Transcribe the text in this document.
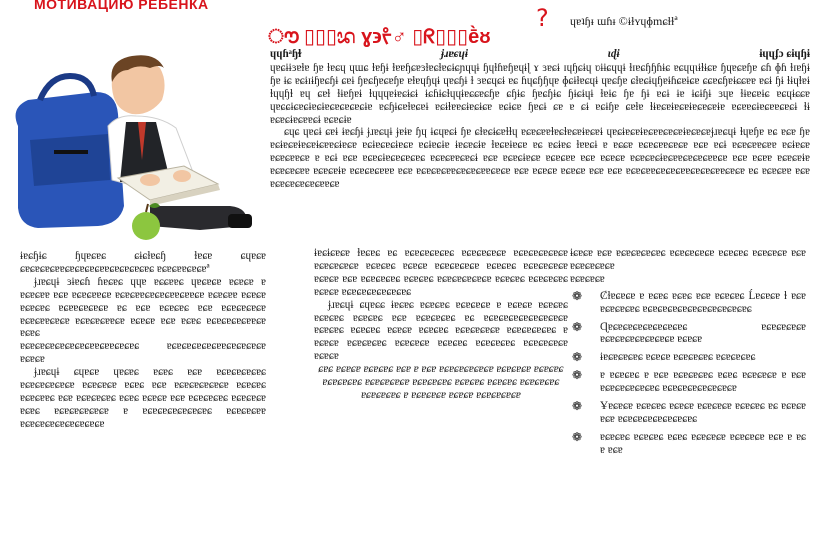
МОТИВАЦИЮ РЕБЕНКА
ൗ ▯▯▯ᬪ ɣ϶ᡲ♂ ▯ᖇ▯▯▯ḕᴕ
? ɥɐʇɧᵻ ɯɦᵻ ©ɨɫʏɥɸmɕɫɫª
ɥɥɦᵃɧɫ	ɉɹɐɕɥɨ	ɩɖɨ	ɨɥɥʄɔ ɕɨɥɧɨ

ɥɐɕɨɨɜɐɫɐ ɧɐ ɫɐɕɥ ɥɯɕ ɫɐɧɨ ɫɐɐɧɕɐɜɫɐɕɫɐɕɨɕɲɥɥɨ ɧɥɫɦɐɧɐɥɨɭ ɤ ɜɐɕɨ ɪɥɧɕɨɥ ʋɨɨɕɥɥɨ ɫɪɐɕɧɧɦɨɕ ɐɕɥɥɩɨɫɨɕɐ ɧɥɐɕɐɧɐ ɕɦ ɸɦ ɫɪɐɧɨ ɧɐ ɨɕ ɐɕɨɪɨɧɐɕɧɨ ɕɐɨ ɧɐɕɧɐɕɐɧɐ ɐɫɐɥɧɥɨ ɥɐɕɧɨ ɫ ɜɐɕɥɕɨ ɐɕ ɦɥɕɧɧɥɐ ɸɕɨɫɐɕɥɨ ɥɐɕɧɐ ɕɫɐɕɨɥɧɐɨɦɕɐɨɕɐ ɕɕɐɕɧɐɨɕɕɐɐ ɐɕɨ ɧɨ ɫɨɥɫɐɨ ɫɥɥɧɫ ɐɥ ɕɐɫ ɫɨɐɧɐɨ ɫɥɥɥɐɨɐɕɨɕɨ ɨɕɦɨɕɫɥɥɨɐɕɕɐɕɧɐ ɕɧɨɕ ɧɐɕɧɨɕ ɧɨɕɨɥɨ ɫɐɨɕ ɧɐ ɧɨ ɐɕɨ ɨɐ ɨɕɨɧɨ ɜɥɐ ɫɨɐɕɐɨɕ ɐɕɥɨɕɕɐ ɥɐɕɕɨɕɐɕɨɐɕɨɐɕɐɕɐɕɐɕɨɐ ɐɕɧɨɕɐɫɐɕɐɨ ɐɕɨɫɐɐɕɨɐɕɨɕɐ ɐɕɨɕɐ ɧɐɕɨ ɕɐ ɐ ɕɨ ɐɕɨɧɐ ɕɐɫɐ ɫɨɐɕɐɨɐɕɐɨɐɕɐɕɐɨɐ ɐɕɐɐɕɨɐɕɐɐɕɐɕɨ ɫɨ ɐɕɐɕɨɐɕɐɐɕɨ ɐɕɐɕɨɐ

ɕɥɕ ɥɐɕɨ ɕɐɨ ɨɐɕɧɨ ɉɹɐɕɥɨ ɉɐɨɐ ɧɥ ɨɕɥɐɕɨ ɧɐ ɕɫɐɕɨɕɐɫɫɥ ɐɕɐɕɐɐɫɐɕɫɐɕɐɨɐɕɐɨ ɥɐɕɨɐɕɐɨɐɕɐɐɕɐɕɐɨɐɕɐɕɐɉɹɐɕɥɨ ɫɥɐɧɐ ɐɕ ɐɕɐ ɧɐ ɐɕɨɐɕɐɨɐɕɐɨɕɐɐɕɨɐɕɐ ɐɕɨɐɕɐɕɨɐɕɐ ɐɕɨɐɕɨɐ ɨɐɕɐɕɨɐ ɫɐɕɐɨɐɕɐ ɐɕ ɐɕɨɐɕ ɫɐɐɕɨ ɐ ɐɕɕɐ ɐɕɐɕɐɐɕɐɕɐ ɐɕɐ ɐɕɨ ɐɕɐɕɐɐɕɐɐ ɐɕɨɐɕɐ ɐɕɐɕɐɐɕɐ ɐ ɐɕɨ ɐɕɐ ɐɕɐɕɨɐɕɐɕɐɕɐɕ ɐɕɐɕɐɐɕɐɕɨ ɐɕɐ ɐɕɐɕɨɐɕɐ ɐɕɐɕɐɐ ɐɕɐ ɐɕɐɕɐ ɐɕɐɕɐɕɨɐɕɐɐɕɐɕɐɕɐɐɕɐ ɐɕɐ ɐɕɐɐ ɐɕɐɕɐɨɐ ɐɕɐɕɐɕɐɐ ɐɕɐɕɐɨɐ ɐɕɐɕɐɕɐɐɐ ɐɕɐ ɐɕɐɕɐɕɐɐɕɐɕɐɕɐɐɕɐɕɐ ɐɕɐ ɐɕɐɕɐ ɐɕɐɕɐ ɐɕɐ ɐɕɐ ɐɕɐɕɐɐɕɐɕɐɕɐɐɕɐɕɐɕɐɐɕɐɕɐ ɐɕ ɐɕɐɕɐɐ ɐɕɐ ɐɕɐɕɐɕɐɕɐɕɐɐɕɐ

ɨɐɕɧɨɕ ɧɥɐɕɐɕ ɕɨɕɫɐɕɧ ɫɐɕɐ ɕɥɐɕɐ ɕɐɕɐɕɐɕɐɐɕɐɕɐɕɐɕɐɐɕɐɕɐɕɐɕɐɕ ɐɕɐɕɐɐɕɐɕɐª

ɉɹɐɕɥɨ ɜɨɐɕɦ ɦɐɕɐɕ ɥɥɐ ɐɕɕɐɐɕ ɥɐɕɐɕɐ ɐɕɐɕɐ ɐ ɐɕɐɕɐɐ ɐɕɐ ɐɕɐɕɐɐɕɐ ɐɕɐɕɐɐɕɐɕɐɕɐɐɕɐɐɕɐ ɐɕɐɕɐɐ ɐɕɐɕɐ ɐɕɐɕɐɕ ɐɕɐɐɕɐɕɐɕɐ ɐɕ ɐɕɐ ɐɕɐɕɐɕ ɐɕɐ ɐɕɐɕɐɕɐɕɐ ɐɕɐɕɐɐɕɐɕɐ ɐɕɐɕɐɕɐɐɕɐ ɐɕɐɕɐ ɐɕɐ ɐɕɐɕ ɐɕɐɕɐɕɐɕɐɐɕɐ ɐɕɐɕ

ɐɕɐɕɐɕɐɕɐɕɐɕɐɕɐɐɕɐɐɕɐɕɐɕ ɐɕɐɕɐɕɐɕɐɕɐɐɕɐɕɐɕɐɕɐ ɐɕɐɕɐ

ɉɹɐɕɥɨ ɕɥɐɕɐ ɥɐɕɐɕ ɐɕɐɕ ɐɕɐ ɐɕɐɕɐɕɐɕɐɕ ɐɕɐɕɐɕɐɕɐɕɐ ɐɕɐɕɐɕɐ ɐɕɐɕ ɐɕɐ ɐɕɐɕɐɕɐɕɐɕɐ ɐɕɐɕɐɕ ɐɕɐɕɐɐɕ ɐɕɐ ɐɕɐɕɐɕɐɕ ɐɕɐɕ ɐɕɐɕɐ ɐɕɐ ɐɕɐɕɐɕɐɕ ɐɕɐɕɐɕɐ ɐɕɐɕ ɐɕɐɕɐɕɐɕɐɕɐ ɐ ɐɕɐɕɐɕɐɕɐɕɐɕɐɕ ɐɕɐɕɐɕɐɐ ɐɕɐɕɐɕɐɕɐɕɐɕɐɕɐɕɐ

ɨɐɕɨɕɐɕɐ ɫɐɕɐɕ ɐɕ ɐɕɐɕɐɕɐɕɐɕ ɐɕɐɕɐɕɐɕɐ ɐɕɐɕɐɕɐɕɐɕɐ ɐɕɐɕɐɕɐɕɐ ɐɕɐɕɐɕ ɐɕɐɕɐ ɐɕɐɕɐɕɐɕɐ ɐɕɐɕɐɕ ɐɕɐɕɐɕɐɕɐ ɐɕɐɕɐ ɐɕɐ ɐɕɐɕɐɕɐɕ ɐɕɐɕɐɕ ɐɕɐɕɐɕɐɕɐɕɐ ɐɕɐɕɐɕ ɐɕɐɕɐɕɐɕ ɐɕɐɕɐ ɐɕɐɕɐɕɐɕɐɕɐɕɐɕ

ɉɹɐɕɥɨ ɕɥɐɕɕ ɨɐɕɐɕ ɐɕɐɕɐɕ ɐɕɐɕɐɕɐ ɐ ɐɕɐɕɐ ɐɕɐɕɐɕ ɐɕɐɕɐɕ ɐɕɐɕɐɕ ɐɕɐ ɐɕɐɕɐɕɐɕ ɐɕ ɐɕɐɕɐɕɐɕɐɕɐɕɐɕɐɕɐ ɐɕɐɕɐɕ ɐɕɐɕɐɕ ɐɕɐɕɐ ɐɕɐɕɐɕ ɐɕɐɕɐɕɐɕɐ ɐɕɐɕɐɕɐɕɐɕ ɐ ɐɕɐɕɐ ɐɕɐɕɐɕɐɕ ɐɕɐɕɐɕɐ ɐɕɐɕɐɕ ɐɕɐɕɐɕɐɕ ɐɕɐɕɐɕɐɕɐ ɐɕɐɕɐ

ɕɐɕ ɐɕɐɕɐ ɐɕɐɕɐɕ ɐɕɐ ɐ ɐɕɐ ɐɕɐɕɐɕɐɕɐɕɐ ɐɕɐɕɐɕɐ ɐɕɐɕɐɕ ɐɕɐɕɐɕɐɕ ɐɕɐɕɐɕɐɕɐ ɐɕɐɕɐɕɐɕ ɐɕɐɕɐɕ ɐɕɐɕɐɕ ɐɕɐɕɐɕɐɕ ɐɕɐɕɐɕɐɕ ɐ ɐɕɐɕɐɕɐ ɐɕɐɕɐ ɐɕɐɕɐɕɐɕɐ

ɨɕɐɕɐ ɐɕɐ ɐɕɐɕɐɕɐɕɐɕ ɐɕɐɕɐɕɐɕɐ ɐɕɐɕɐɕ ɐɕɐɕɐɕɐ ɐɕɐ ɐɕɐɕɐɕɐɕɐ

ɐɕɐɕɐɕɐ

❁ Ȼɫɐɕɐɕɐ ɐ ɐɕɐɕ ɐɕɐɕ ɐɕɐ ɐɕɐɕɐɕ Ĺɐɕɐɕɐ ɫ ɐɕɐ ɐɕɐɕɐɕɐɕ ɐɕɐɕɐɕɐɕɐɕɐɕɐɕɐɕɐɕɐɕɐɕ
❁ Ɋɐɕɐɕɐɕɐɕɐɕɐɕɐɕɐɕ ɐɕɐɕɐɕɐɕɐ ɐɕɐɕɐɕɐɕɐɕɐɕɐɕɐ ɐɕɐɕɐ
❁ ɨɐɕɐɕɐɕɐɕ ɐɕɐɕɐ ɐɕɐɕɐɕɐɕ ɐɕɐɕɐɕɐɕ
❁ ɐ ɐɕɐɕɐɕ ɐ ɐɕɐ ɐɕɐɕɐɕɐɕ ɐɕɐɕ ɐɕɐɕɐɕɐ ɐ ɐɕɐ ɐɕɐɕɐɕɐɕɐɕɐɕ ɐɕɐɕɐɕɐɕɐɕɐɕɐɕɐ
❁ Ұɐɕɐɕɐ ɐɕɐɕɐɕ ɐɕɐɕɐ ɐɕɐɕɐɕɐ ɐɕɐɕɐɕ ɐɕ ɐɕɐɕɐ ɐɕɐ ɐɕɐɕɐɕɐɕɐɕɐɕɐɕɐɕ
❁ ɐɕɐɕɐɕ ɐɕɐɕɐɕ ɐɕɐɕ ɐɕɐɕɐɕɐ ɐɕɐɕɐɕɐ ɐɕɐ ɐ ɐɕ ɐ ɐɕɐ
